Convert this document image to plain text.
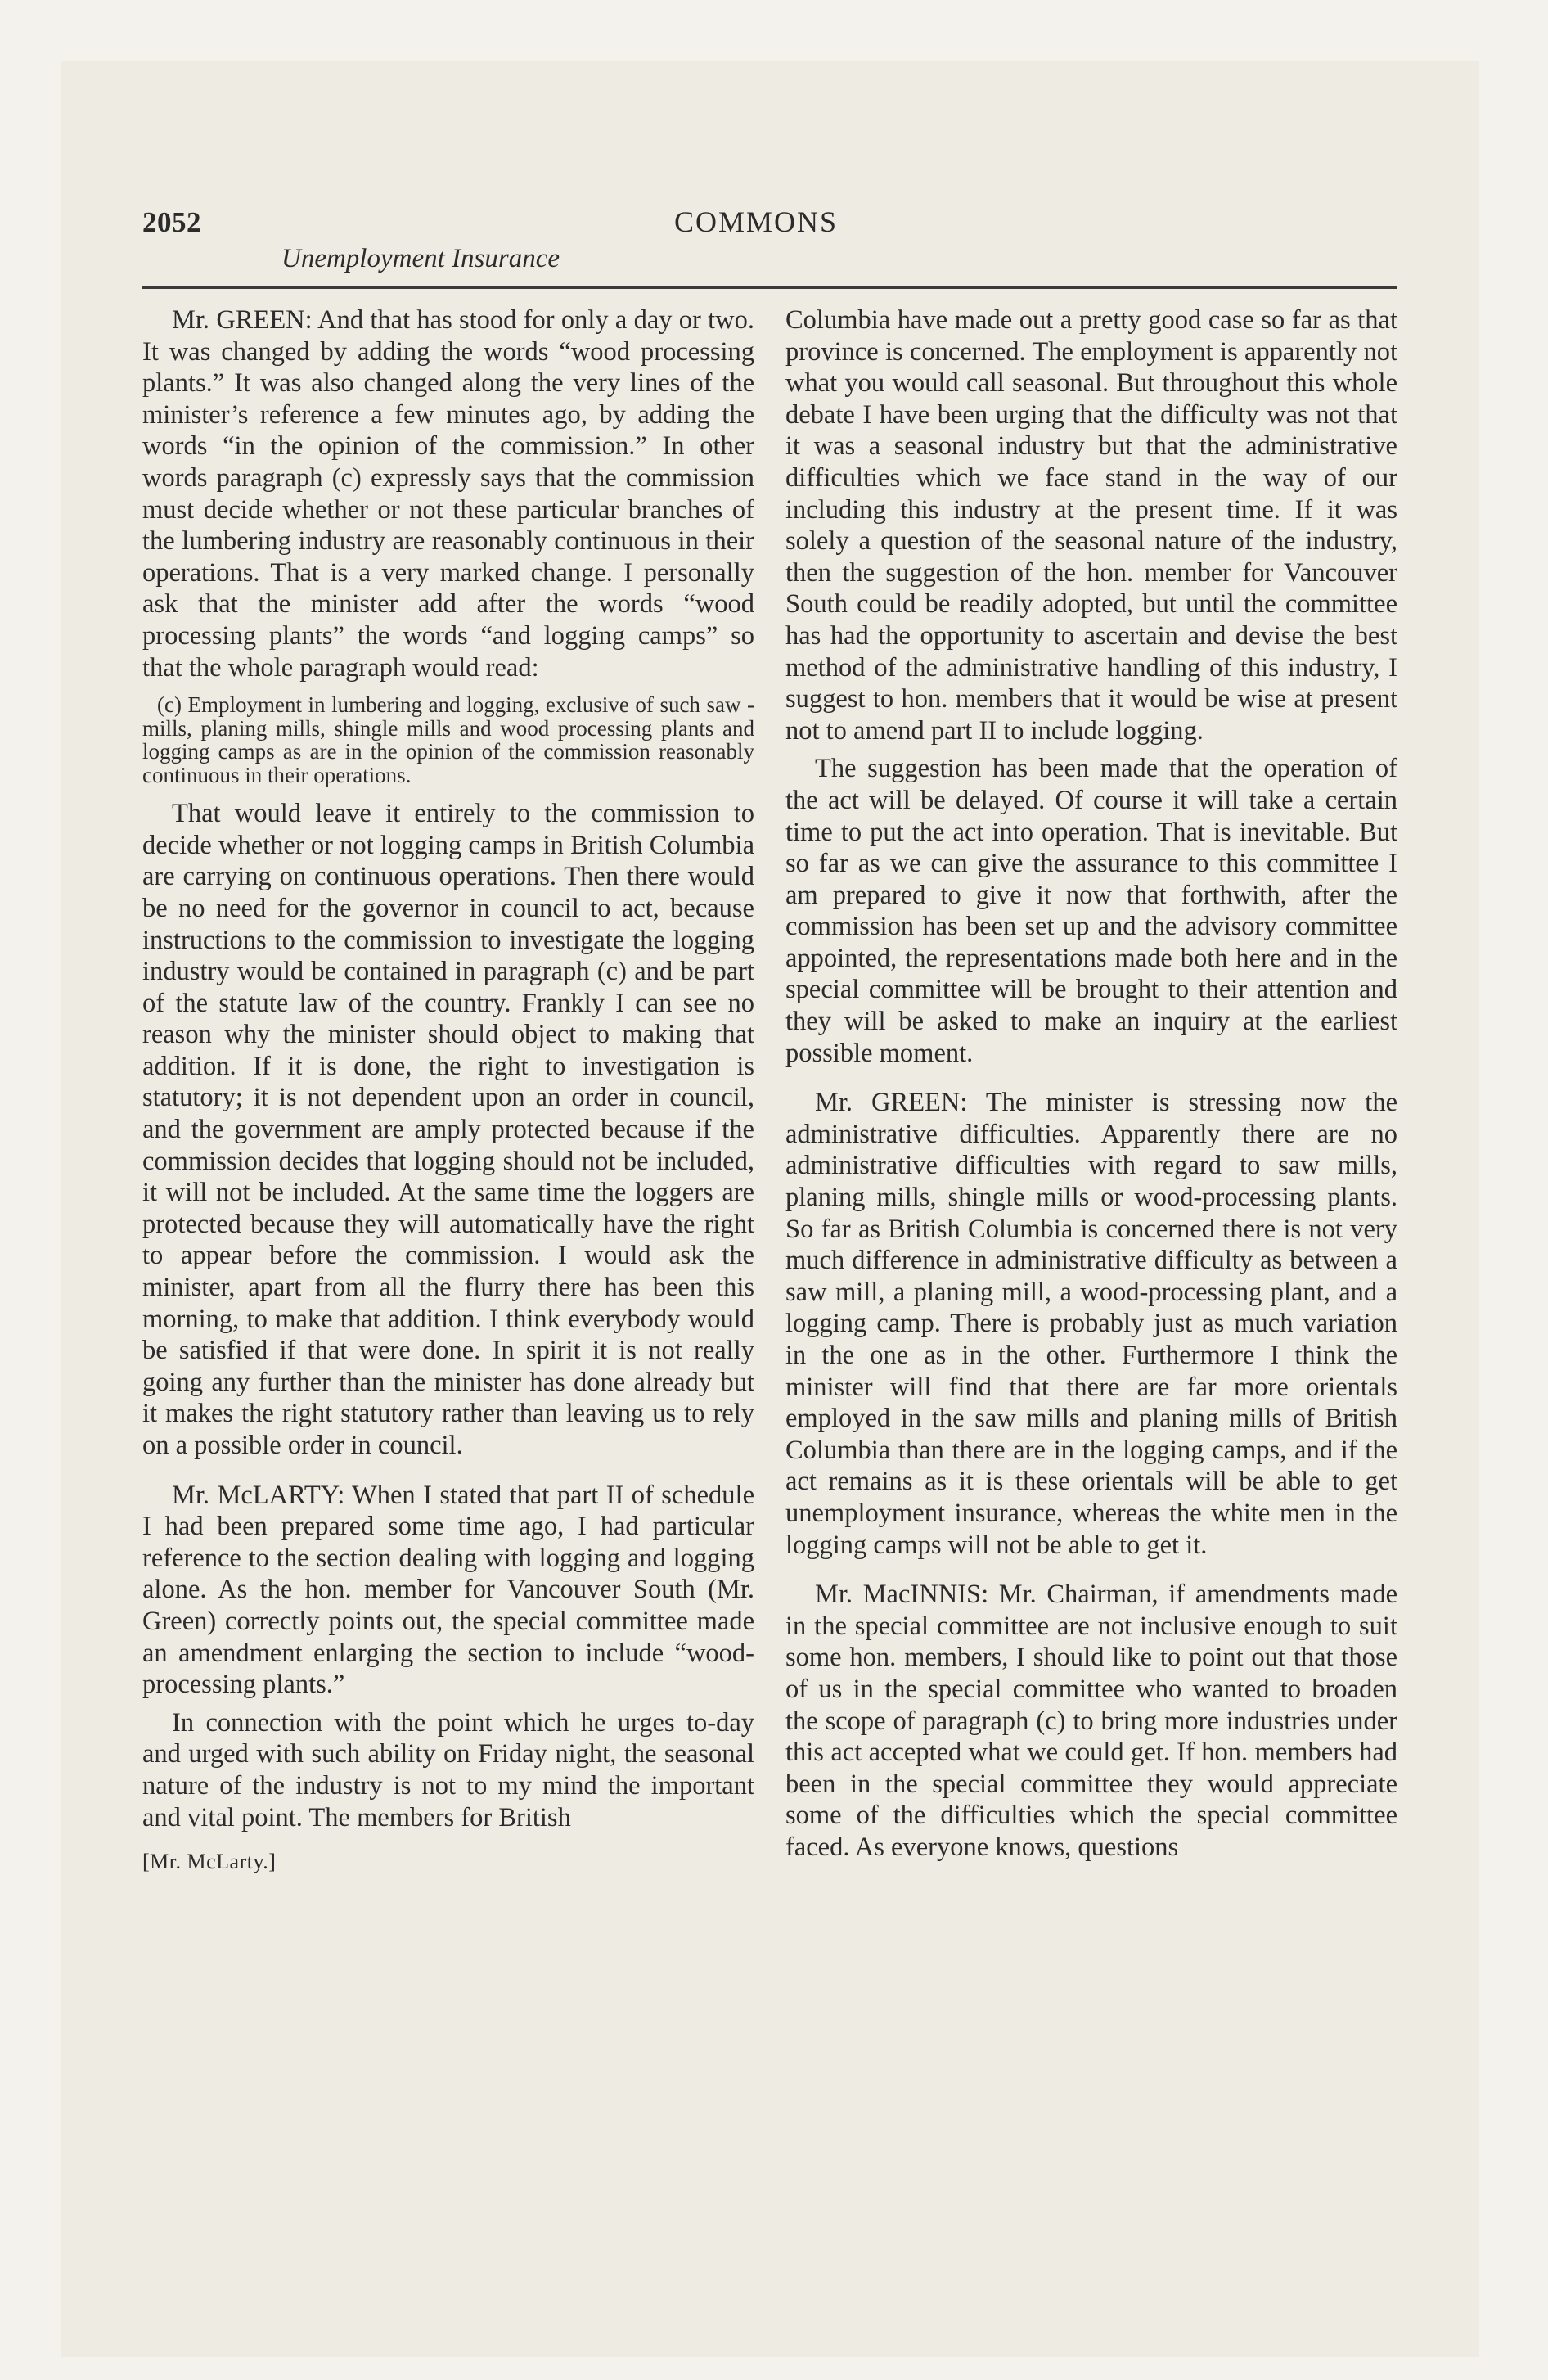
2052	COMMONS
Unemployment Insurance

Mr. GREEN: And that has stood for only a day or two. It was changed by adding the words “wood processing plants.” It was also changed along the very lines of the minister’s reference a few minutes ago, by adding the words “in the opinion of the commission.” In other words paragraph (c) expressly says that the commission must decide whether or not these particular branches of the lumbering industry are reasonably continuous in their operations. That is a very marked change. I personally ask that the minister add after the words “wood processing plants” the words “and logging camps” so that the whole paragraph would read:

(c) Employment in lumbering and logging, exclusive of such saw - mills, planing mills, shingle mills and wood processing plants and logging camps as are in the opinion of the commission reasonably continuous in their operations.

That would leave it entirely to the commission to decide whether or not logging camps in British Columbia are carrying on continuous operations. Then there would be no need for the governor in council to act, because instructions to the commission to investigate the logging industry would be contained in paragraph (c) and be part of the statute law of the country. Frankly I can see no reason why the minister should object to making that addition. If it is done, the right to investigation is statutory; it is not dependent upon an order in council, and the government are amply protected because if the commission decides that logging should not be included, it will not be included. At the same time the loggers are protected because they will automatically have the right to appear before the commission. I would ask the minister, apart from all the flurry there has been this morning, to make that addition. I think everybody would be satisfied if that were done. In spirit it is not really going any further than the minister has done already but it makes the right statutory rather than leaving us to rely on a possible order in council.

Mr. McLARTY: When I stated that part II of schedule I had been prepared some time ago, I had particular reference to the section dealing with logging and logging alone. As the hon. member for Vancouver South (Mr. Green) correctly points out, the special committee made an amendment enlarging the section to include “wood-processing plants.”

In connection with the point which he urges to-day and urged with such ability on Friday night, the seasonal nature of the industry is not to my mind the important and vital point. The members for British

[Mr. McLarty.]

Columbia have made out a pretty good case so far as that province is concerned. The employment is apparently not what you would call seasonal. But throughout this whole debate I have been urging that the difficulty was not that it was a seasonal industry but that the administrative difficulties which we face stand in the way of our including this industry at the present time. If it was solely a question of the seasonal nature of the industry, then the suggestion of the hon. member for Vancouver South could be readily adopted, but until the committee has had the opportunity to ascertain and devise the best method of the administrative handling of this industry, I suggest to hon. members that it would be wise at present not to amend part II to include logging.

The suggestion has been made that the operation of the act will be delayed. Of course it will take a certain time to put the act into operation. That is inevitable. But so far as we can give the assurance to this committee I am prepared to give it now that forthwith, after the commission has been set up and the advisory committee appointed, the representations made both here and in the special committee will be brought to their attention and they will be asked to make an inquiry at the earliest possible moment.

Mr. GREEN: The minister is stressing now the administrative difficulties. Apparently there are no administrative difficulties with regard to saw mills, planing mills, shingle mills or wood-processing plants. So far as British Columbia is concerned there is not very much difference in administrative difficulty as between a saw mill, a planing mill, a wood-processing plant, and a logging camp. There is probably just as much variation in the one as in the other. Furthermore I think the minister will find that there are far more orientals employed in the saw mills and planing mills of British Columbia than there are in the logging camps, and if the act remains as it is these orientals will be able to get unemployment insurance, whereas the white men in the logging camps will not be able to get it.

Mr. MacINNIS: Mr. Chairman, if amendments made in the special committee are not inclusive enough to suit some hon. members, I should like to point out that those of us in the special committee who wanted to broaden the scope of paragraph (c) to bring more industries under this act accepted what we could get. If hon. members had been in the special committee they would appreciate some of the difficulties which the special committee faced. As everyone knows, questions
